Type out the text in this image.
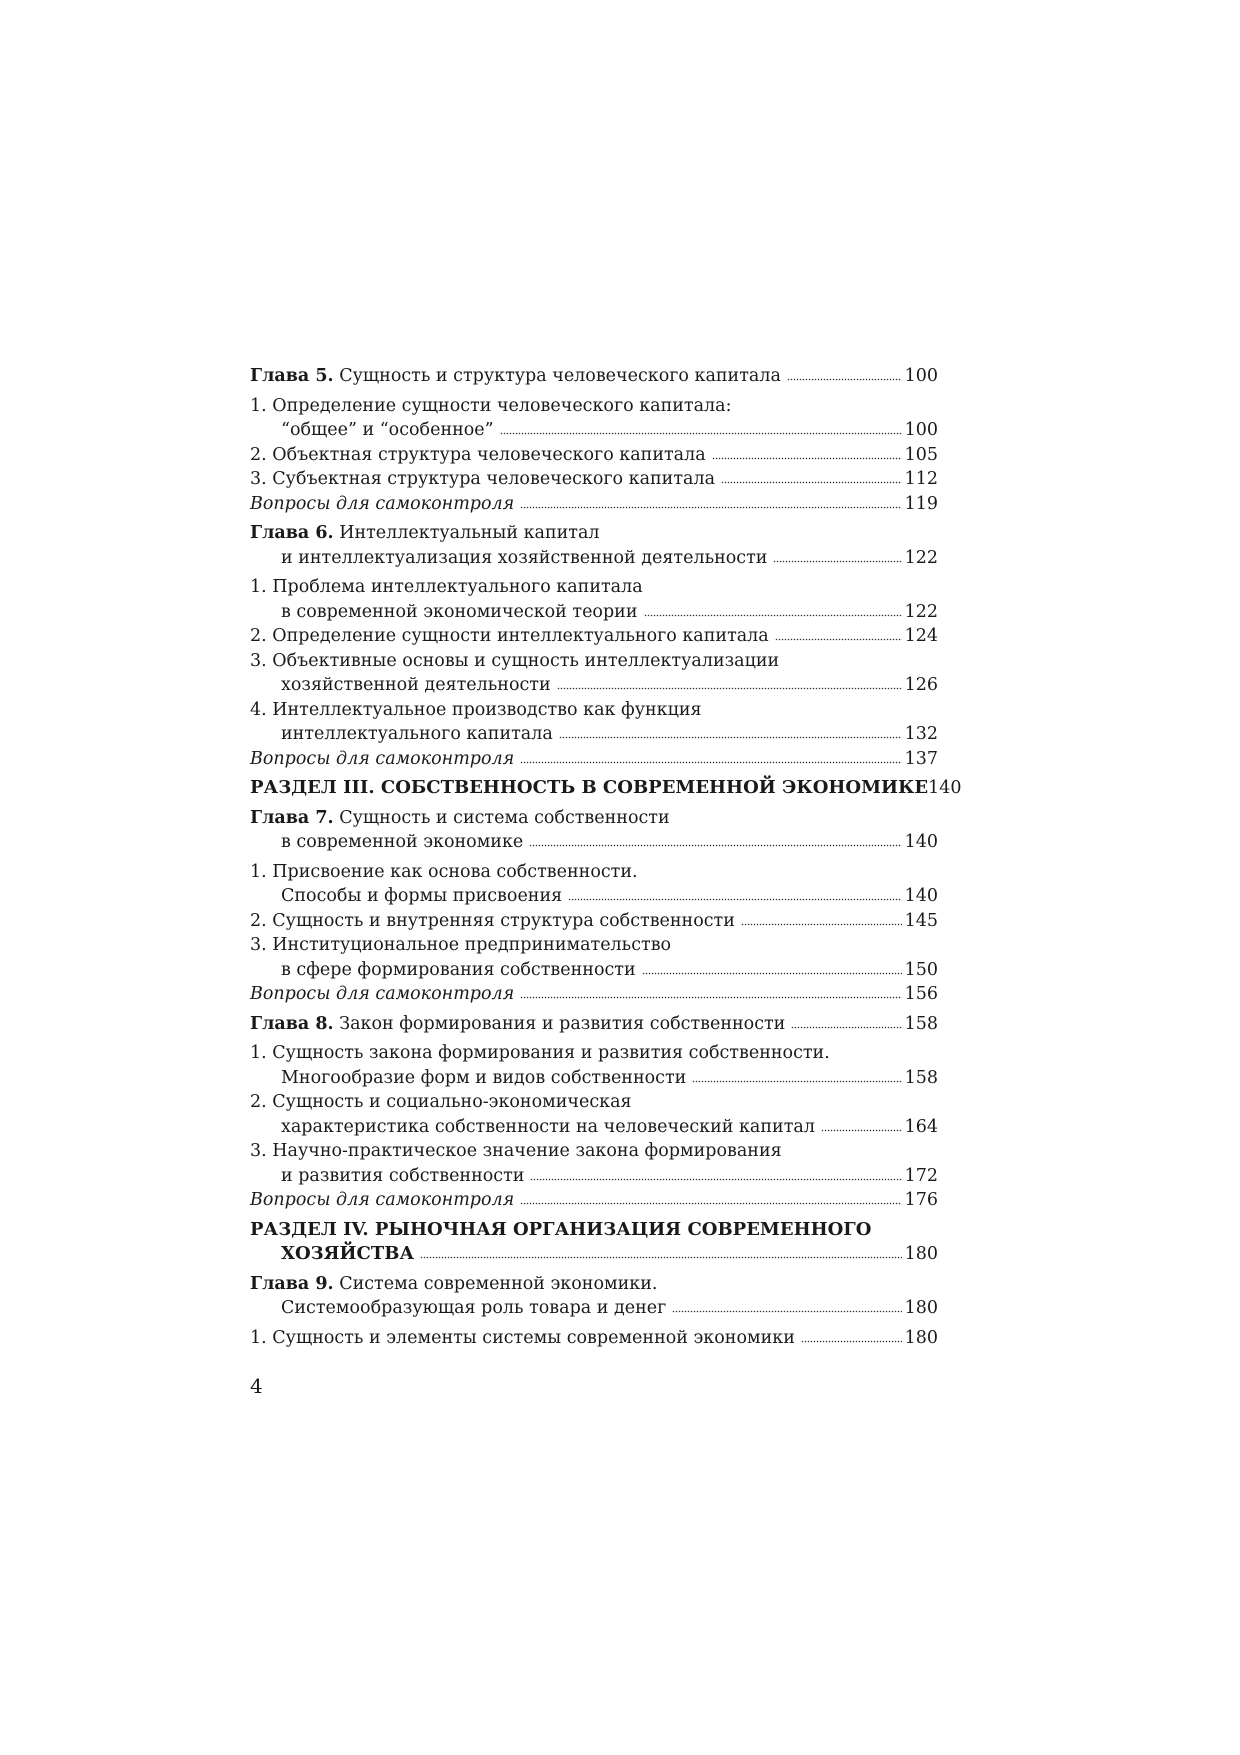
Глава 5. Сущность и структура человеческого капитала	100
1. Определение сущности человеческого капитала:
“общее” и “особенное”	100
2. Объектная структура человеческого капитала	105
3. Субъектная структура человеческого капитала	112
Вопросы для самоконтроля	119
Глава 6. Интеллектуальный капитал
и интеллектуализация хозяйственной деятельности	122
1. Проблема интеллектуального капитала
в современной экономической теории	122
2. Определение сущности интеллектуального капитала	124
3. Объективные основы и сущность интеллектуализации
хозяйственной деятельности	126
4. Интеллектуальное производство как функция
интеллектуального капитала	132
Вопросы для самоконтроля	137
РАЗДЕЛ III. СОБСТВЕННОСТЬ В СОВРЕМЕННОЙ ЭКОНОМИКЕ 140
Глава 7. Сущность и система собственности
в современной экономике	140
1. Присвоение как основа собственности.
Способы и формы присвоения	140
2. Сущность и внутренняя структура собственности	145
3. Институциональное предпринимательство
в сфере формирования собственности	150
Вопросы для самоконтроля	156
Глава 8. Закон формирования и развития собственности	158
1. Сущность закона формирования и развития собственности.
Многообразие форм и видов собственности	158
2. Сущность и социально-экономическая
характеристика собственности на человеческий капитал	164
3. Научно-практическое значение закона формирования
и развития собственности	172
Вопросы для самоконтроля	176
РАЗДЕЛ IV. РЫНОЧНАЯ ОРГАНИЗАЦИЯ СОВРЕМЕННОГО
ХОЗЯЙСТВА	180
Глава 9. Система современной экономики.
Системообразующая роль товара и денег	180
1. Сущность и элементы системы современной экономики	180
4
